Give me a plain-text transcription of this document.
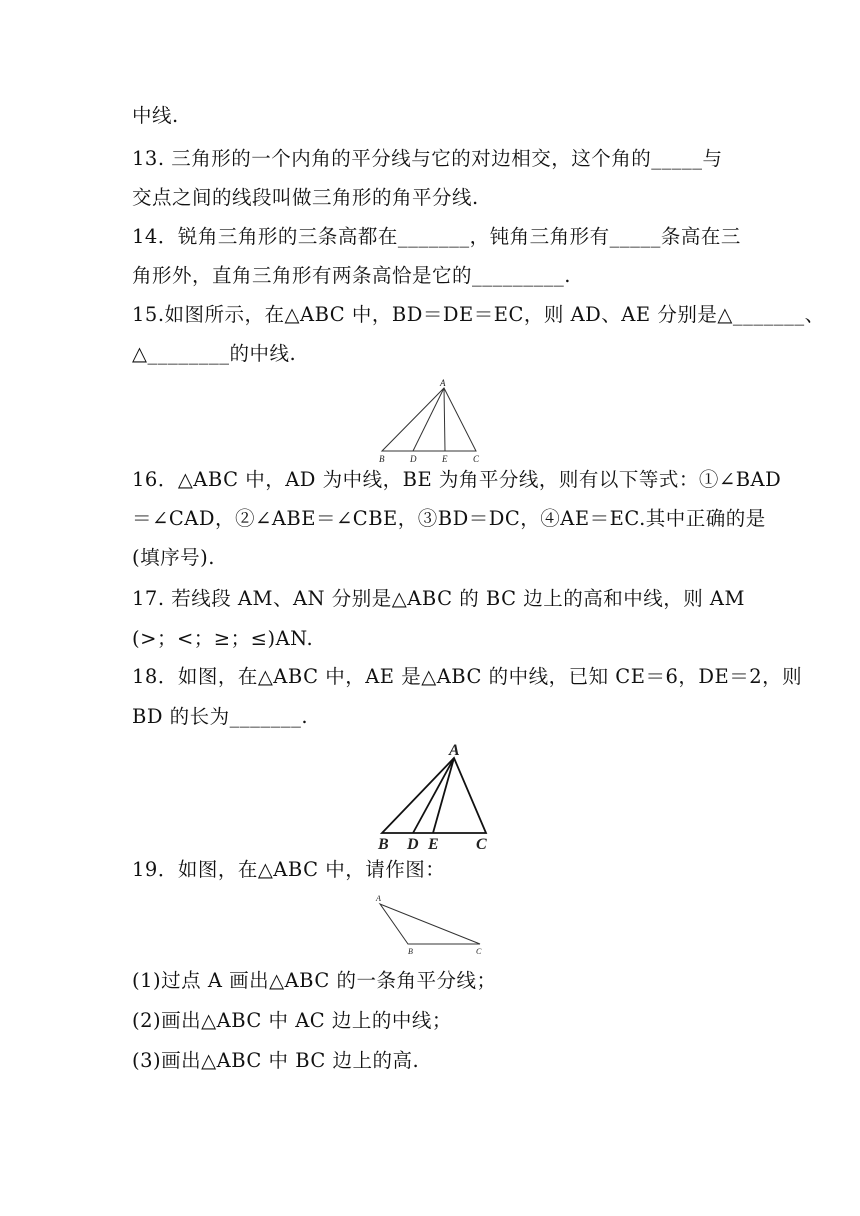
中线.
13. 三角形的一个内角的平分线与它的对边相交，这个角的_____与
交点之间的线段叫做三角形的角平分线.
14．锐角三角形的三条高都在_______，钝角三角形有_____条高在三
角形外，直角三角形有两条高恰是它的_________.
15.如图所示，在△ABC 中，BD＝DE＝EC，则 AD、AE 分别是△_______、
△________的中线.
A
B	D	E	C
16．△ABC 中，AD 为中线，BE 为角平分线，则有以下等式：①∠BAD
＝∠CAD，②∠ABE＝∠CBE，③BD＝DC，④AE＝EC.其中正确的是
(填序号).
17. 若线段 AM、AN 分别是△ABC 的 BC 边上的高和中线，则 AM
(>；<；≥；≤)AN.
18．如图，在△ABC 中，AE 是△ABC 的中线，已知 CE＝6，DE＝2，则
BD 的长为_______.
A
B D E C
19．如图，在△ABC 中，请作图：
A
B	C
(1)过点 A 画出△ABC 的一条角平分线；
(2)画出△ABC 中 AC 边上的中线；
(3)画出△ABC 中 BC 边上的高.
